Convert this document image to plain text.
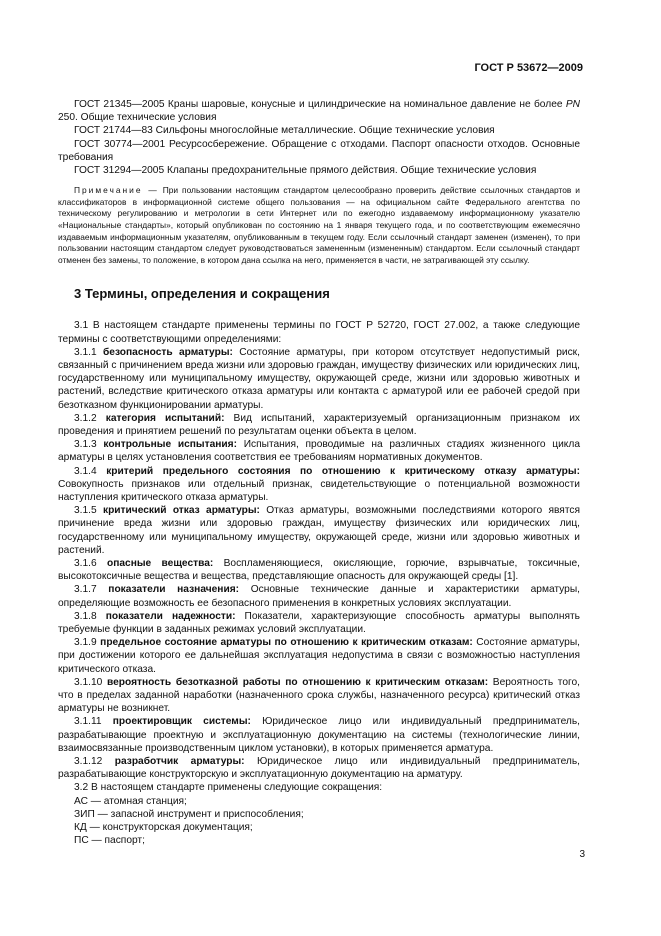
ГОСТ Р 53672—2009

ГОСТ 21345—2005 Краны шаровые, конусные и цилиндрические на номинальное давление не более PN 250. Общие технические условия

ГОСТ 21744—83 Сильфоны многослойные металлические. Общие технические условия

ГОСТ 30774—2001 Ресурсосбережение. Обращение с отходами. Паспорт опасности отходов. Основные требования

ГОСТ 31294—2005 Клапаны предохранительные прямого действия. Общие технические условия

Примечание — При пользовании настоящим стандартом целесообразно проверить действие ссылочных стандартов и классификаторов в информационной системе общего пользования — на официальном сайте Федерального агентства по техническому регулированию и метрологии в сети Интернет или по ежегодно издаваемому информационному указателю «Национальные стандарты», который опубликован по состоянию на 1 января текущего года, и по соответствующим ежемесячно издаваемым информационным указателям, опубликованным в текущем году. Если ссылочный стандарт заменен (изменен), то при пользовании настоящим стандартом следует руководствоваться замененным (измененным) стандартом. Если ссылочный стандарт отменен без замены, то положение, в котором дана ссылка на него, применяется в части, не затрагивающей эту ссылку.

3 Термины, определения и сокращения

3.1 В настоящем стандарте применены термины по ГОСТ Р 52720, ГОСТ 27.002, а также следующие термины с соответствующими определениями:

3.1.1 безопасность арматуры: Состояние арматуры, при котором отсутствует недопустимый риск, связанный с причинением вреда жизни или здоровью граждан, имуществу физических или юридических лиц, государственному или муниципальному имуществу, окружающей среде, жизни или здоровью животных и растений, вследствие критического отказа арматуры или контакта с арматурой или ее рабочей средой при безотказном функционировании арматуры.

3.1.2 категория испытаний: Вид испытаний, характеризуемый организационным признаком их проведения и принятием решений по результатам оценки объекта в целом.

3.1.3 контрольные испытания: Испытания, проводимые на различных стадиях жизненного цикла арматуры в целях установления соответствия ее требованиям нормативных документов.

3.1.4 критерий предельного состояния по отношению к критическому отказу арматуры: Совокупность признаков или отдельный признак, свидетельствующие о потенциальной возможности наступления критического отказа арматуры.

3.1.5 критический отказ арматуры: Отказ арматуры, возможными последствиями которого явятся причинение вреда жизни или здоровью граждан, имуществу физических или юридических лиц, государственному или муниципальному имуществу, окружающей среде, жизни или здоровью животных и растений.

3.1.6 опасные вещества: Воспламеняющиеся, окисляющие, горючие, взрывчатые, токсичные, высокотоксичные вещества и вещества, представляющие опасность для окружающей среды [1].

3.1.7 показатели назначения: Основные технические данные и характеристики арматуры, определяющие возможность ее безопасного применения в конкретных условиях эксплуатации.

3.1.8 показатели надежности: Показатели, характеризующие способность арматуры выполнять требуемые функции в заданных режимах условий эксплуатации.

3.1.9 предельное состояние арматуры по отношению к критическим отказам: Состояние арматуры, при достижении которого ее дальнейшая эксплуатация недопустима в связи с возможностью наступления критического отказа.

3.1.10 вероятность безотказной работы по отношению к критическим отказам: Вероятность того, что в пределах заданной наработки (назначенного срока службы, назначенного ресурса) критический отказ арматуры не возникнет.

3.1.11 проектировщик системы: Юридическое лицо или индивидуальный предприниматель, разрабатывающие проектную и эксплуатационную документацию на системы (технологические линии, взаимосвязанные производственным циклом установки), в которых применяется арматура.

3.1.12 разработчик арматуры: Юридическое лицо или индивидуальный предприниматель, разрабатывающие конструкторскую и эксплуатационную документацию на арматуру.

3.2 В настоящем стандарте применены следующие сокращения:

АС — атомная станция;

ЗИП — запасной инструмент и приспособления;

КД — конструкторская документация;

ПС — паспорт;

3
